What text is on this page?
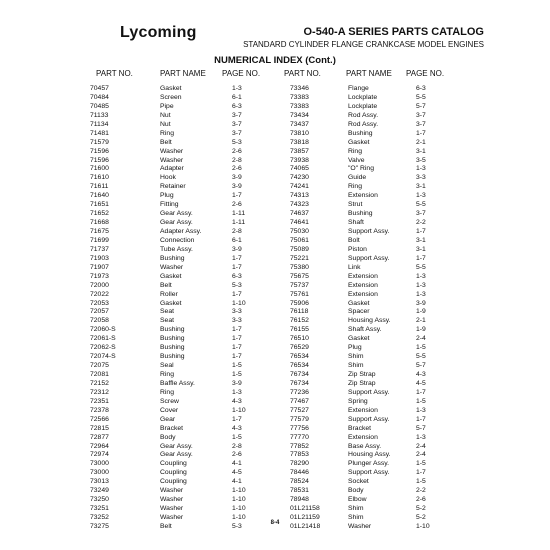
Lycoming	O-540-A SERIES PARTS CATALOG
STANDARD CYLINDER FLANGE CRANKCASE MODEL ENGINES
NUMERICAL INDEX (Cont.)
PART NO.	PART NAME PAGE NO.	PART NO.	PART NAME PAGE NO.
70457	Gasket	1-3	73346	Flange	6-3
70484	Screen	6-1	73383	Lockplate	5-5
70485	Pipe	6-3	73383	Lockplate	5-7
71133	Nut	3-7	73434	Rod Assy.	3-7
71134	Nut	3-7	73437	Rod Assy.	3-7
71481	Ring	3-7	73810	Bushing	1-7
71579	Belt	5-3	73818	Gasket	2-1
71596	Washer	2-6	73857	Ring	3-1
71596	Washer	2-8	73938	Valve	3-5
71600	Adapter	2-6	74065	"O" Ring	1-3
71610	Hook	3-9	74230	Guide	3-3
71611	Retainer	3-9	74241	Ring	3-1
71640	Plug	1-7	74313	Extension	1-3
71651	Fitting	2-6	74323	Strut	5-5
71652	Gear Assy.	1-11	74637	Bushing	3-7
71668	Gear Assy.	1-11	74641	Shaft	2-2
71675	Adapter Assy.	2-8	75030	Support Assy.	1-7
71699	Connection	6-1	75061	Bolt	3-1
71737	Tube Assy.	3-9	75089	Piston	3-1
71903	Bushing	1-7	75221	Support Assy.	1-7
71907	Washer	1-7	75380	Link	5-5
71973	Gasket	6-3	75675	Extension	1-3
72000	Belt	5-3	75737	Extension	1-3
72022	Roller	1-7	75761	Extension	1-3
72053	Gasket	1-10	75906	Gasket	3-9
72057	Seat	3-3	76118	Spacer	1-9
72058	Seat	3-3	76152	Housing Assy.	2-1
72060-S	Bushing	1-7	76155	Shaft Assy.	1-9
72061-S	Bushing	1-7	76510	Gasket	2-4
72062-S	Bushing	1-7	76529	Plug	1-5
72074-S	Bushing	1-7	76534	Shim	5-5
72075	Seal	1-5	76534	Shim	5-7
72081	Ring	1-5	76734	Zip Strap	4-3
72152	Baffle Assy.	3-9	76734	Zip Strap	4-5
72312	Ring	1-3	77236	Support Assy.	1-7
72351	Screw	4-3	77467	Spring	1-5
72378	Cover	1-10	77527	Extension	1-3
72566	Gear	1-7	77579	Support Assy.	1-7
72815	Bracket	4-3	77756	Bracket	5-7
72877	Body	1-5	77770	Extension	1-3
72964	Gear Assy.	2-8	77852	Base Assy.	2-4
72974	Gear Assy.	2-6	77853	Housing Assy.	2-4
73000	Coupling	4-1	78290	Plunger Assy.	1-5
73000	Coupling	4-5	78446	Support Assy.	1-7
73013	Coupling	4-1	78524	Socket	1-5
73249	Washer	1-10	78531	Body	2-2
73250	Washer	1-10	78948	Elbow	2-6
73251	Washer	1-10	01L21158	Shim	5-2
73252	Washer	1-10	01L21159	Shim	5-2
73275	Belt	5-3	01L21418	Washer	1-10
8-4
